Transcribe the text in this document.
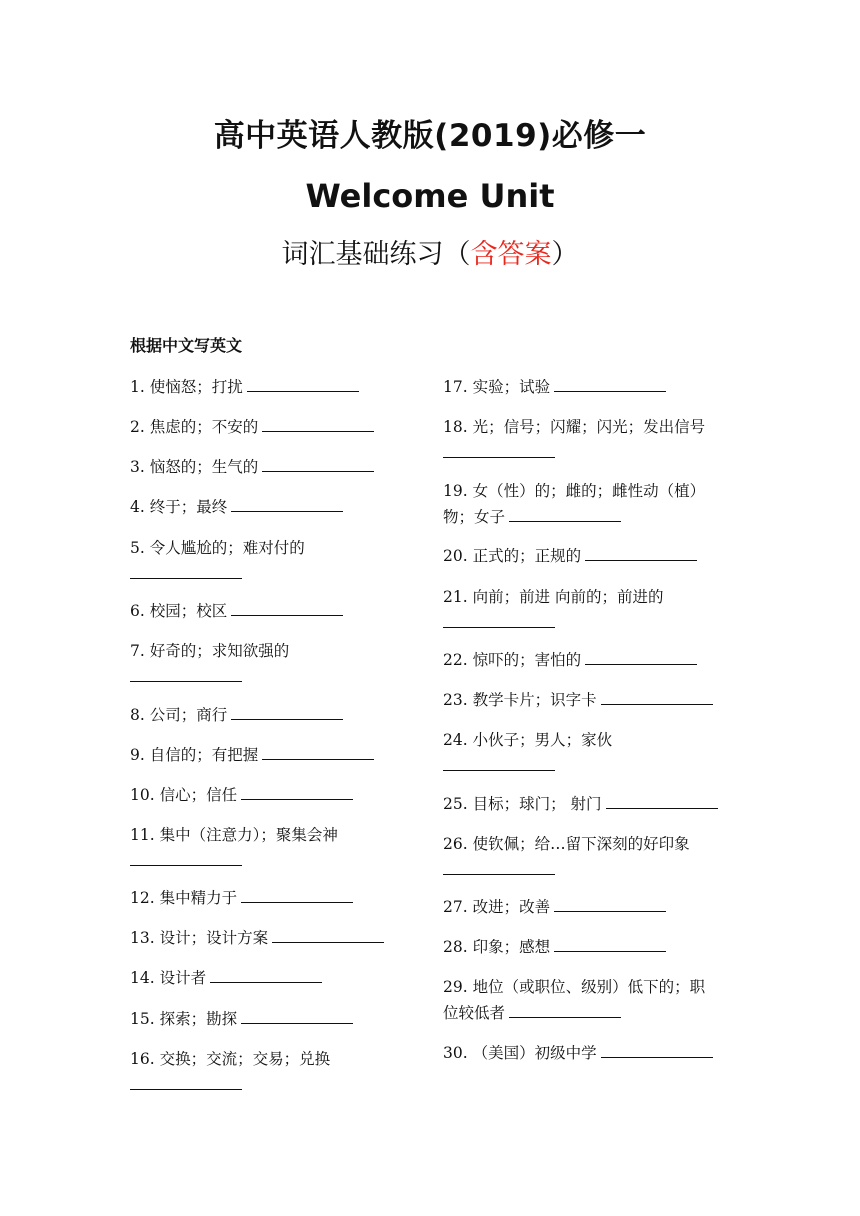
高中英语人教版(2019)必修一
Welcome Unit
词汇基础练习（含答案）
根据中文写英文
1. 使恼怒；打扰
2. 焦虑的；不安的
3. 恼怒的；生气的
4. 终于；最终
5. 令人尴尬的；难对付的

6. 校园；校区
7. 好奇的；求知欲强的

8. 公司；商行
9. 自信的；有把握
10. 信心；信任
11. 集中（注意力）；聚集会神

12. 集中精力于
13. 设计；设计方案
14. 设计者
15. 探索；勘探
16. 交换；交流；交易；兑换

17. 实验；试验
18. 光；信号；闪耀；闪光；发出信号

19. 女（性）的；雌的；雌性动（植）
物；女子
20. 正式的；正规的
21. 向前；前进 向前的；前进的

22. 惊吓的；害怕的
23. 教学卡片；识字卡
24. 小伙子；男人；家伙

25. 目标；球门； 射门
26. 使钦佩；给…留下深刻的好印象

27. 改进；改善
28. 印象；感想
29. 地位（或职位、级别）低下的；职
位较低者
30. （美国）初级中学
